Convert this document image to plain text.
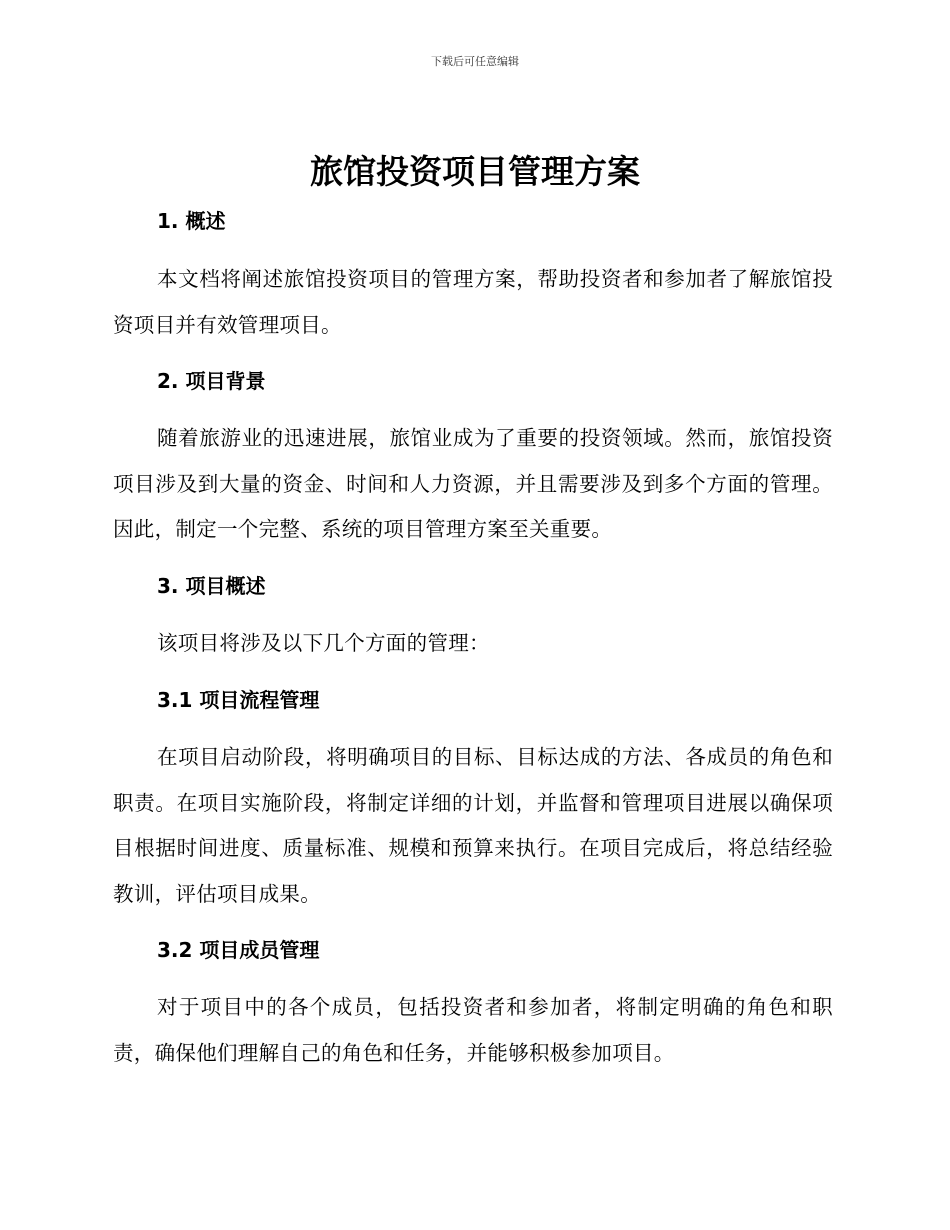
下载后可任意编辑
旅馆投资项目管理方案
1. 概述
本文档将阐述旅馆投资项目的管理方案，帮助投资者和参加者了解旅馆投资项目并有效管理项目。
2. 项目背景
随着旅游业的迅速进展，旅馆业成为了重要的投资领域。然而，旅馆投资项目涉及到大量的资金、时间和人力资源，并且需要涉及到多个方面的管理。因此，制定一个完整、系统的项目管理方案至关重要。
3. 项目概述
该项目将涉及以下几个方面的管理：
3.1 项目流程管理
在项目启动阶段，将明确项目的目标、目标达成的方法、各成员的角色和职责。在项目实施阶段，将制定详细的计划，并监督和管理项目进展以确保项目根据时间进度、质量标准、规模和预算来执行。在项目完成后，将总结经验教训，评估项目成果。
3.2 项目成员管理
对于项目中的各个成员，包括投资者和参加者，将制定明确的角色和职责，确保他们理解自己的角色和任务，并能够积极参加项目。
